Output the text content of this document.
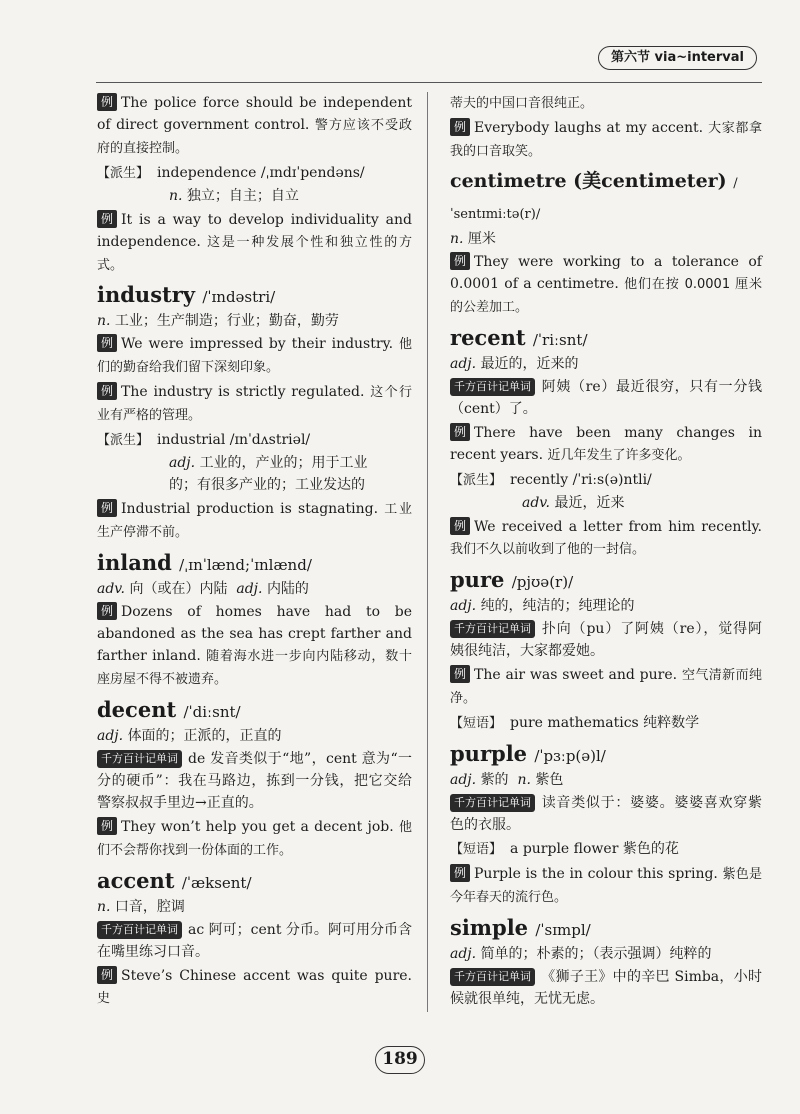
第六节 via~interval
例 The police force should be independent of direct government control. 警方应该不受政府的直接控制。
【派生】 independence /ˌɪndɪˈpendəns/
n. 独立；自主；自立
例 It is a way to develop individuality and independence. 这是一种发展个性和独立性的方式。
industry /ˈɪndəstri/
n. 工业；生产制造；行业；勤奋，勤劳
例 We were impressed by their industry. 他们的勤奋给我们留下深刻印象。
例 The industry is strictly regulated. 这个行业有严格的管理。
【派生】 industrial /ɪnˈdʌstriəl/
adj. 工业的，产业的；用于工业
的；有很多产业的；工业发达的
例 Industrial production is stagnating. 工业生产停滞不前。
inland /ˌɪnˈlænd;ˈɪnlænd/
adv. 向（或在）内陆 adj. 内陆的
例 Dozens of homes have had to be abandoned as the sea has crept farther and farther inland. 随着海水进一步向内陆移动，数十座房屋不得不被遗弃。
decent /ˈdiːsnt/
adj. 体面的；正派的，正直的
千方百计记单词 de 发音类似于“地”，cent 意为“一分的硬币”：我在马路边，拣到一分钱，把它交给警察叔叔手里边→正直的。
例 They won’t help you get a decent job. 他们不会帮你找到一份体面的工作。
accent /ˈæksent/
n. 口音，腔调
千方百计记单词 ac 阿可；cent 分币。阿可用分币含在嘴里练习口音。
例 Steve’s Chinese accent was quite pure. 史
蒂夫的中国口音很纯正。
例 Everybody laughs at my accent. 大家都拿我的口音取笑。
centimetre (美centimeter) /ˈsentɪmiːtə(r)/
n. 厘米
例 They were working to a tolerance of 0.0001 of a centimetre. 他们在按 0.0001 厘米的公差加工。
recent /ˈriːsnt/
adj. 最近的，近来的
千方百计记单词 阿姨（re）最近很穷，只有一分钱（cent）了。
例 There have been many changes in recent years. 近几年发生了许多变化。
【派生】 recently /ˈriːs(ə)ntli/
adv. 最近，近来
例 We received a letter from him recently. 我们不久以前收到了他的一封信。
pure /pjʊə(r)/
adj. 纯的，纯洁的；纯理论的
千方百计记单词 扑向（pu）了阿姨（re），觉得阿姨很纯洁，大家都爱她。
例 The air was sweet and pure. 空气清新而纯净。
【短语】 pure mathematics 纯粹数学
purple /ˈpɜːp(ə)l/
adj. 紫的 n. 紫色
千方百计记单词 读音类似于：婆婆。婆婆喜欢穿紫色的衣服。
【短语】 a purple flower 紫色的花
例 Purple is the in colour this spring. 紫色是今年春天的流行色。
simple /ˈsɪmpl/
adj. 简单的；朴素的；（表示强调）纯粹的
千方百计记单词 《狮子王》中的辛巴 Simba，小时候就很单纯，无忧无虑。
189
